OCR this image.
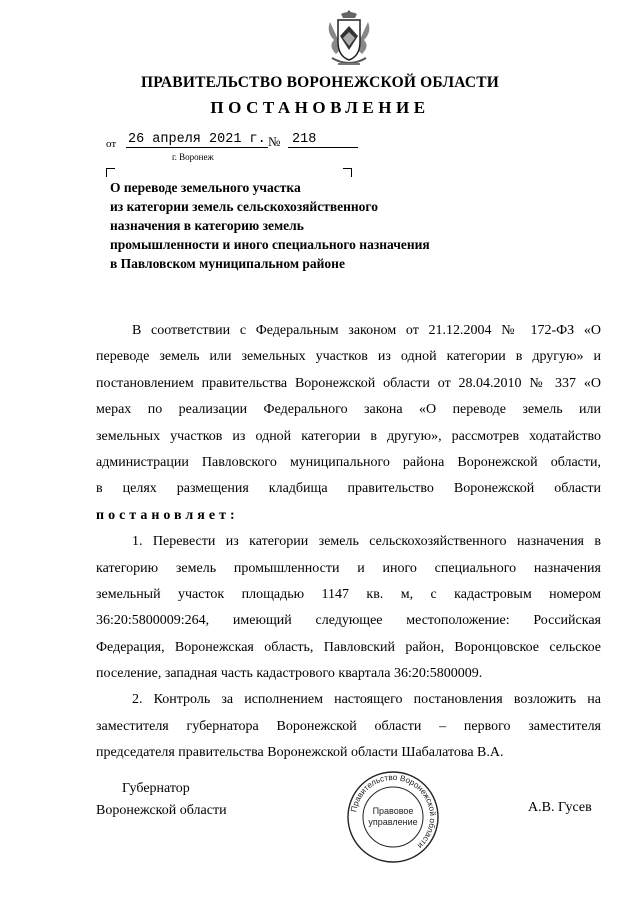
ПРАВИТЕЛЬСТВО ВОРОНЕЖСКОЙ ОБЛАСТИ
ПОСТАНОВЛЕНИЕ
от 26 апреля 2021 г. № 218
г. Воронеж
О переводе земельного участка
из категории земель сельскохозяйственного
назначения в категорию земель
промышленности и иного специального назначения
в Павловском муниципальном районе
В соответствии с Федеральным законом от 21.12.2004 № 172-ФЗ «О
переводе земель или земельных участков из одной категории в другую» и
постановлением правительства Воронежской области от 28.04.2010 № 337 «О
мерах по реализации Федерального закона «О переводе земель или
земельных участков из одной категории в другую», рассмотрев ходатайство
администрации Павловского муниципального района Воронежской области,
в целях размещения кладбища правительство Воронежской области
постановляет:
1. Перевести из категории земель сельскохозяйственного назначения в
категорию земель промышленности и иного специального назначения
земельный участок площадью 1147 кв. м, с кадастровым номером
36:20:5800009:264, имеющий следующее местоположение: Российская
Федерация, Воронежская область, Павловский район, Воронцовское сельское
поселение, западная часть кадастрового квартала 36:20:5800009.
2. Контроль за исполнением настоящего постановления возложить на
заместителя губернатора Воронежской области – первого заместителя
председателя правительства Воронежской области Шабалатова В.А.
Губернатор
Воронежской области	Правительство Воронежской области
Правовое
управление
А.В. Гусев
